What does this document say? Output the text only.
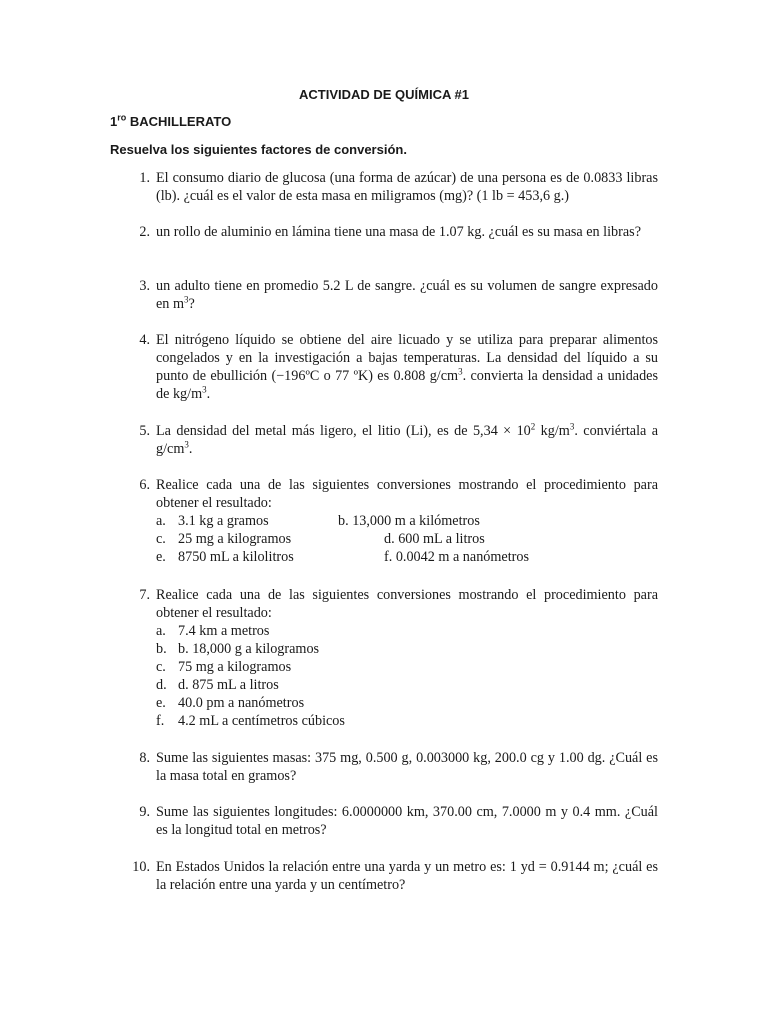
ACTIVIDAD DE QUÍMICA #1
$1^{ro}$ BACHILLERATO
Resuelva los siguientes factores de conversión.
1. El consumo diario de glucosa (una forma de azúcar) de una persona es de 0.0833 libras (lb). ¿cuál es el valor de esta masa en miligramos (mg)? (1 lb = 453,6 g.)
2. un rollo de aluminio en lámina tiene una masa de 1.07 kg. ¿cuál es su masa en libras?
3. un adulto tiene en promedio 5.2 L de sangre. ¿cuál es su volumen de sangre expresado en $m^3$?
4. El nitrógeno líquido se obtiene del aire licuado y se utiliza para preparar alimentos congelados y en la investigación a bajas temperaturas. La densidad del líquido a su punto de ebullición (−196ºC o 77 ºK) es 0.808 $g/cm^3$. convierta la densidad a unidades de $kg/m^3$.
5. La densidad del metal más ligero, el litio (Li), es de $5,34 \times 10^2$ $kg/m^3$. conviértala a $g/cm^3$.
6. Realice cada una de las siguientes conversiones mostrando el procedimiento para obtener el resultado:
a. 3.1 kg a gramos	b. 13,000 m a kilómetros
c. 25 mg a kilogramos	d. 600 mL a litros
e. 8750 mL a kilolitros	f. 0.0042 m a nanómetros
7. Realice cada una de las siguientes conversiones mostrando el procedimiento para obtener el resultado:
a. 7.4 km a metros
b. b. 18,000 g a kilogramos
c. 75 mg a kilogramos
d. d. 875 mL a litros
e. 40.0 pm a nanómetros
f. 4.2 mL a centímetros cúbicos
8. Sume las siguientes masas: 375 mg, 0.500 g, 0.003000 kg, 200.0 cg y 1.00 dg. ¿Cuál es la masa total en gramos?
9. Sume las siguientes longitudes: 6.0000000 km, 370.00 cm, 7.0000 m y 0.4 mm. ¿Cuál es la longitud total en metros?
10. En Estados Unidos la relación entre una yarda y un metro es: 1 yd = 0.9144 m; ¿cuál es la relación entre una yarda y un centímetro?
